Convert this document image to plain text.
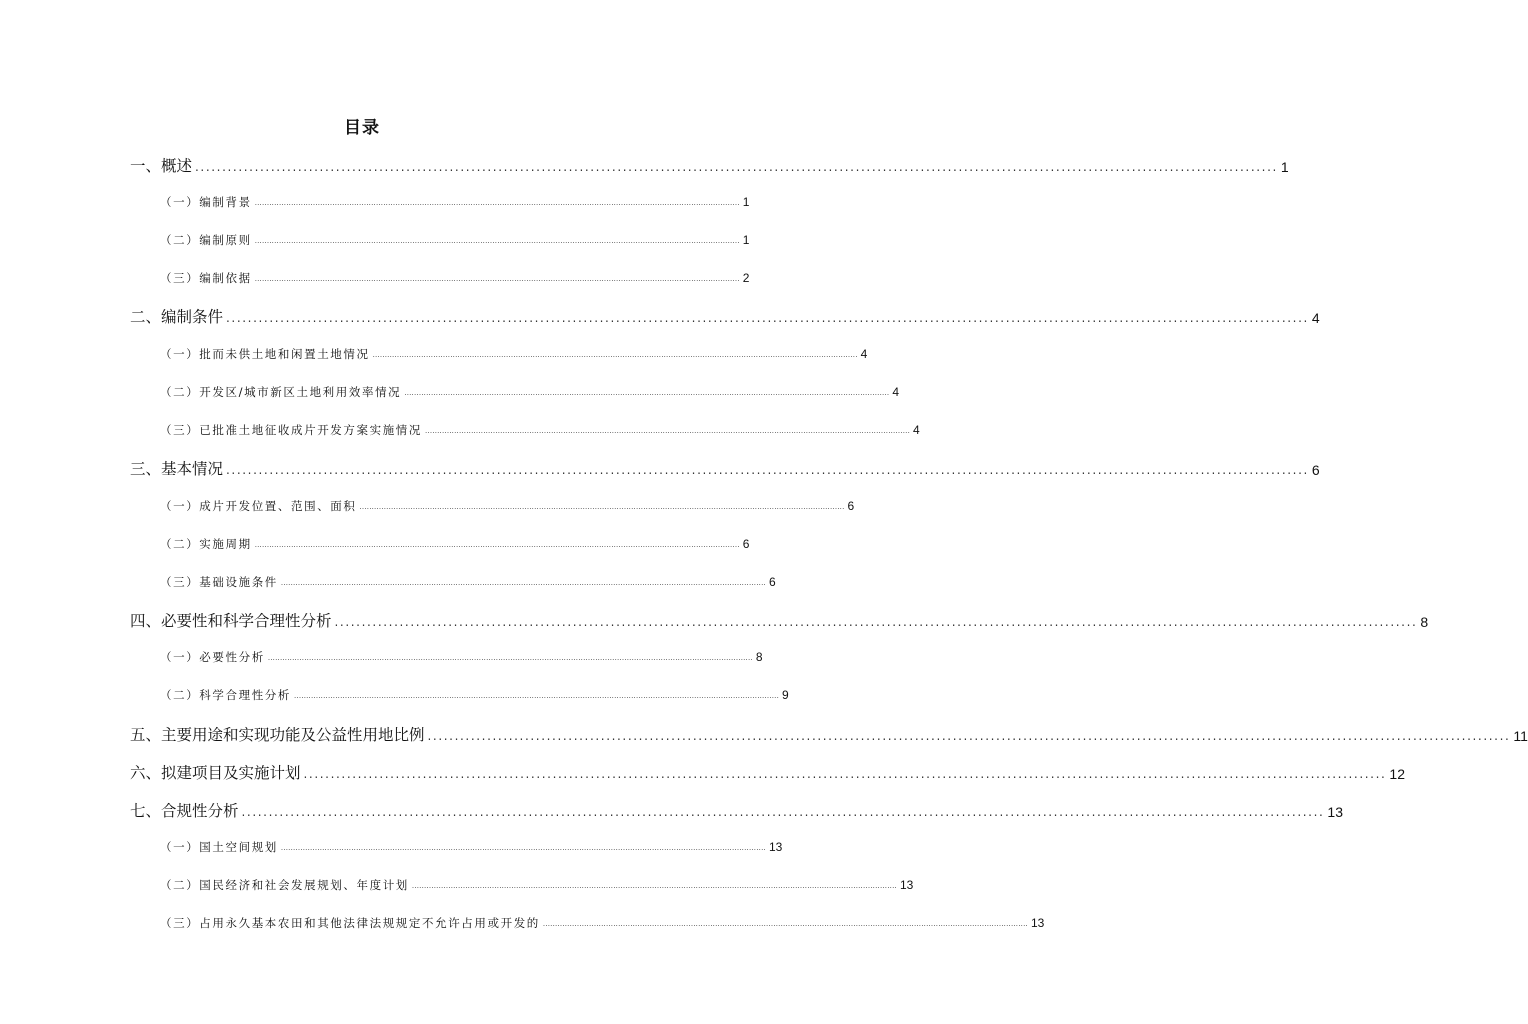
目录
一、概述 ........................................................................................................................................................................................................ 1
（一）编制背景 ........................................................................................................................................................................................................ 1
（二）编制原则 ........................................................................................................................................................................................................ 1
（三）编制依据 ........................................................................................................................................................................................................ 2
二、编制条件 ........................................................................................................................................................................................................ 4
（一）批而未供土地和闲置土地情况 ........................................................................................................................................................................................................ 4
（二）开发区/城市新区土地利用效率情况 ........................................................................................................................................................................................................ 4
（三）已批准土地征收成片开发方案实施情况 ........................................................................................................................................................................................................ 4
三、基本情况 ........................................................................................................................................................................................................ 6
（一）成片开发位置、范围、面积 ........................................................................................................................................................................................................ 6
（二）实施周期 ........................................................................................................................................................................................................ 6
（三）基础设施条件 ........................................................................................................................................................................................................ 6
四、必要性和科学合理性分析 ........................................................................................................................................................................................................ 8
（一）必要性分析 ........................................................................................................................................................................................................ 8
（二）科学合理性分析 ........................................................................................................................................................................................................ 9
五、主要用途和实现功能及公益性用地比例 ........................................................................................................................................................................................................ 11
六、拟建项目及实施计划 ........................................................................................................................................................................................................ 12
七、合规性分析 ........................................................................................................................................................................................................ 13
（一）国土空间规划 ........................................................................................................................................................................................................ 13
（二）国民经济和社会发展规划、年度计划 ........................................................................................................................................................................................................ 13
（三）占用永久基本农田和其他法律法规规定不允许占用或开发的 ........................................................................................................................................................................................................ 13
